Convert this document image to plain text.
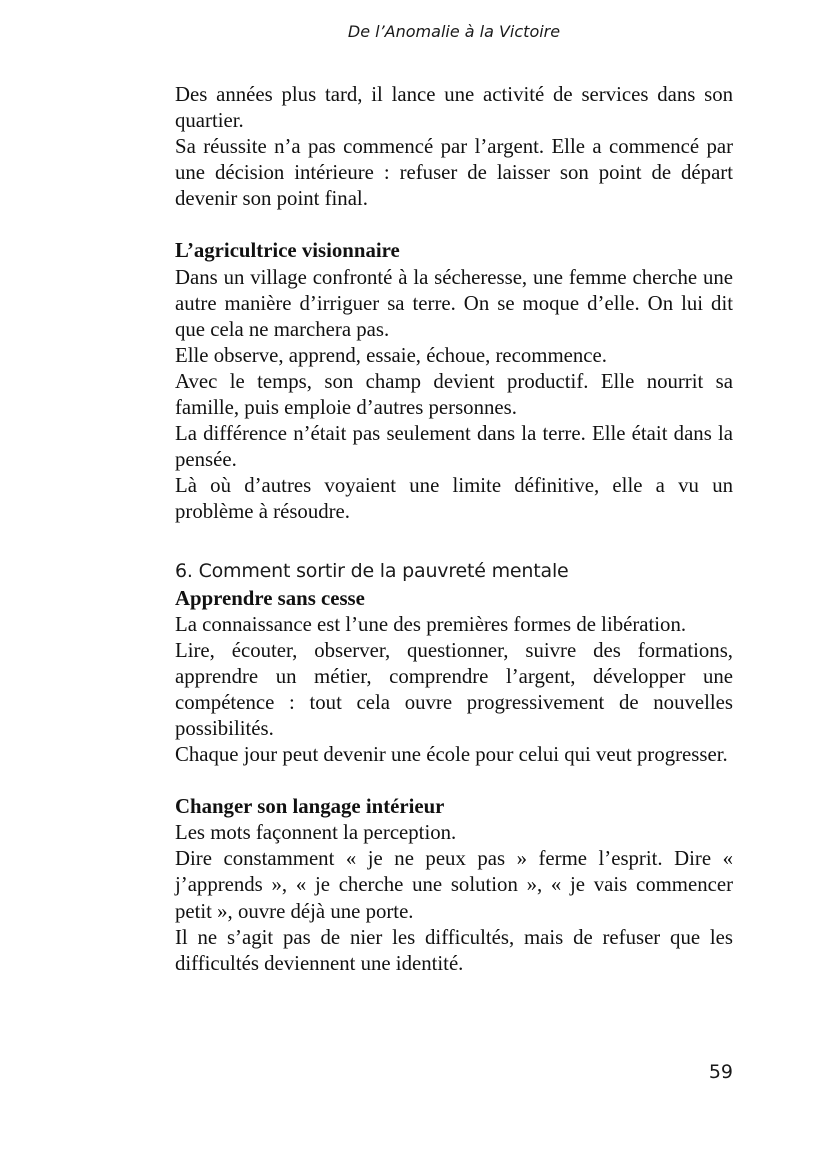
De l’Anomalie à la Victoire

Des années plus tard, il lance une activité de services dans son quartier.

Sa réussite n’a pas commencé par l’argent. Elle a commencé par une décision intérieure : refuser de laisser son point de départ devenir son point final.

L’agricultrice visionnaire

Dans un village confronté à la sécheresse, une femme cherche une autre manière d’irriguer sa terre. On se moque d’elle. On lui dit que cela ne marchera pas.

Elle observe, apprend, essaie, échoue, recommence.

Avec le temps, son champ devient productif. Elle nourrit sa famille, puis emploie d’autres personnes.

La différence n’était pas seulement dans la terre. Elle était dans la pensée.

Là où d’autres voyaient une limite définitive, elle a vu un problème à résoudre.

6. Comment sortir de la pauvreté mentale
Apprendre sans cesse

La connaissance est l’une des premières formes de libération.

Lire, écouter, observer, questionner, suivre des formations, apprendre un métier, comprendre l’argent, développer une compétence : tout cela ouvre progressivement de nouvelles possibilités.

Chaque jour peut devenir une école pour celui qui veut progresser.

Changer son langage intérieur

Les mots façonnent la perception.

Dire constamment « je ne peux pas » ferme l’esprit. Dire « j’apprends », « je cherche une solution », « je vais commencer petit », ouvre déjà une porte.

Il ne s’agit pas de nier les difficultés, mais de refuser que les difficultés deviennent une identité.

59
